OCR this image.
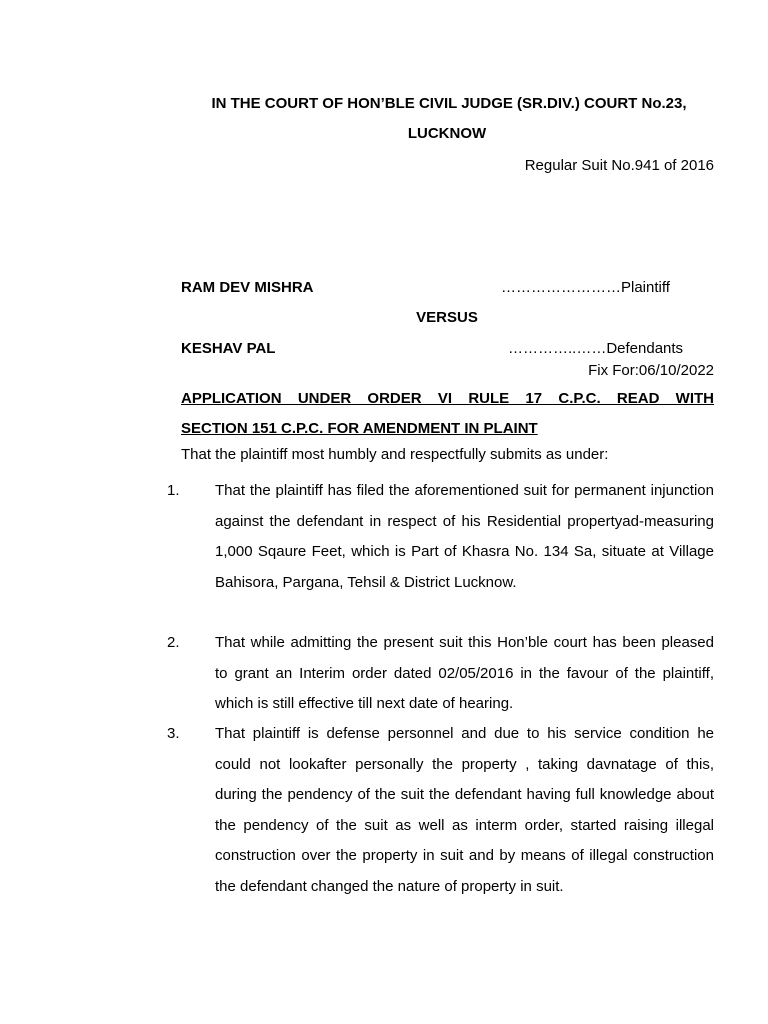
IN THE COURT OF HON’BLE CIVIL JUDGE (SR.DIV.) COURT No.23,
LUCKNOW
Regular Suit No.941 of 2016
RAM DEV MISHRA	……………………Plaintiff
VERSUS
KESHAV PAL	…………..……Defendants
Fix For:06/10/2022
APPLICATION UNDER ORDER VI RULE 17 C.P.C. READ WITH
SECTION 151 C.P.C. FOR AMENDMENT IN PLAINT
That the plaintiff most humbly and respectfully submits as under:
1. That the plaintiff has filed the aforementioned suit for permanent injunction against the defendant in respect of his Residential propertyad-measuring 1,000 Sqaure Feet, which is Part of Khasra No. 134 Sa, situate at Village Bahisora, Pargana, Tehsil & District Lucknow.
2. That while admitting the present suit this Hon’ble court has been pleased to grant an Interim order dated 02/05/2016 in the favour of the plaintiff, which is still effective till next date of hearing.
3. That plaintiff is defense personnel and due to his service condition he could not lookafter personally the property , taking davnatage of this, during the pendency of the suit the defendant having full knowledge about the pendency of the suit as well as interm order, started raising illegal construction over the property in suit and by means of illegal construction the defendant changed the nature of property in suit.
